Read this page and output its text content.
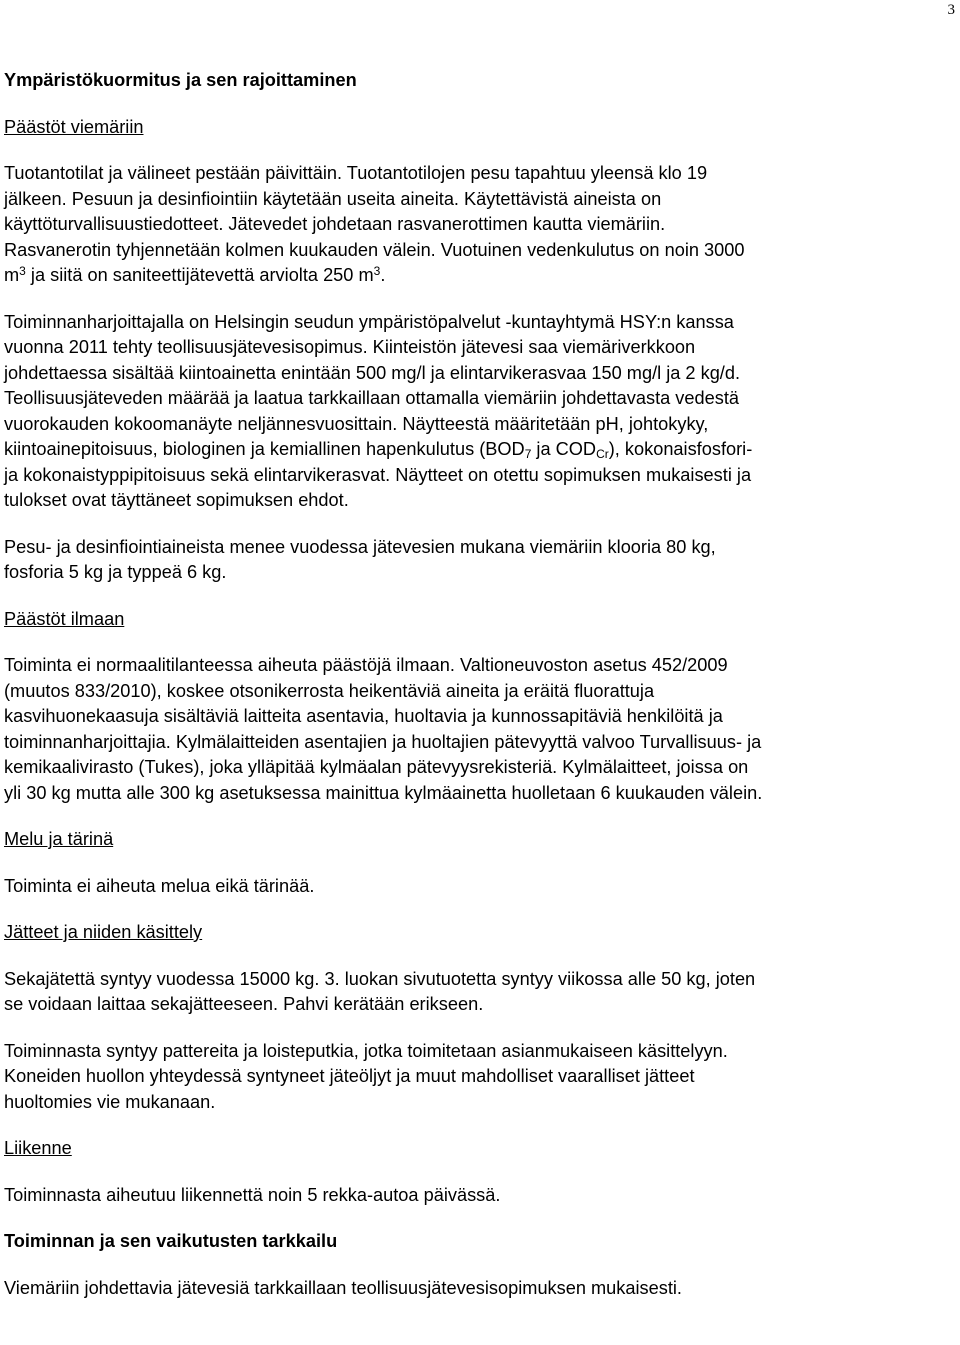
3

Ympäristökuormitus ja sen rajoittaminen

Päästöt viemäriin

Tuotantotilat ja välineet pestään päivittäin. Tuotantotilojen pesu tapahtuu yleensä klo 19
jälkeen. Pesuun ja desinfiointiin käytetään useita aineita. Käytettävistä aineista on
käyttöturvallisuustiedotteet. Jätevedet johdetaan rasvanerottimen kautta viemäriin.
Rasvanerotin tyhjennetään kolmen kuukauden välein. Vuotuinen vedenkulutus on noin 3000
$m^3$ ja siitä on saniteettijätevettä arviolta 250 $m^3$.

Toiminnanharjoittajalla on Helsingin seudun ympäristöpalvelut -kuntayhtymä HSY:n kanssa
vuonna 2011 tehty teollisuusjätevesisopimus. Kiinteistön jätevesi saa viemäriverkkoon
johdettaessa sisältää kiintoainetta enintään 500 mg/l ja elintarvikerasvaa 150 mg/l ja 2 kg/d.
Teollisuusjäteveden määrää ja laatua tarkkaillaan ottamalla viemäriin johdettavasta vedestä
vuorokauden kokoomanäyte neljännesvuosittain. Näytteestä määritetään pH, johtokyky,
kiintoainepitoisuus, biologinen ja kemiallinen hapenkulutus ($BOD_7$ ja $COD_{Cr}$), kokonaisfosfori-
ja kokonaistyppipitoisuus sekä elintarvikerasvat. Näytteet on otettu sopimuksen mukaisesti ja
tulokset ovat täyttäneet sopimuksen ehdot.

Pesu- ja desinfiointiaineista menee vuodessa jätevesien mukana viemäriin klooria 80 kg,
fosforia 5 kg ja typpeä 6 kg.

Päästöt ilmaan

Toiminta ei normaalitilanteessa aiheuta päästöjä ilmaan. Valtioneuvoston asetus 452/2009
(muutos 833/2010), koskee otsonikerrosta heikentäviä aineita ja eräitä fluorattuja
kasvihuonekaasuja sisältäviä laitteita asentavia, huoltavia ja kunnossapitäviä henkilöitä ja
toiminnanharjoittajia. Kylmälaitteiden asentajien ja huoltajien pätevyyttä valvoo Turvallisuus- ja
kemikaalivirasto (Tukes), joka ylläpitää kylmäalan pätevyysrekisteriä. Kylmälaitteet, joissa on
yli 30 kg mutta alle 300 kg asetuksessa mainittua kylmäainetta huolletaan 6 kuukauden välein.

Melu ja tärinä

Toiminta ei aiheuta melua eikä tärinää.

Jätteet ja niiden käsittely

Sekajätettä syntyy vuodessa 15000 kg. 3. luokan sivutuotetta syntyy viikossa alle 50 kg, joten
se voidaan laittaa sekajätteeseen. Pahvi kerätään erikseen.

Toiminnasta syntyy pattereita ja loisteputkia, jotka toimitetaan asianmukaiseen käsittelyyn.
Koneiden huollon yhteydessä syntyneet jäteöljyt ja muut mahdolliset vaaralliset jätteet
huoltomies vie mukanaan.

Liikenne

Toiminnasta aiheutuu liikennettä noin 5 rekka-autoa päivässä.

Toiminnan ja sen vaikutusten tarkkailu

Viemäriin johdettavia jätevesiä tarkkaillaan teollisuusjätevesisopimuksen mukaisesti.
